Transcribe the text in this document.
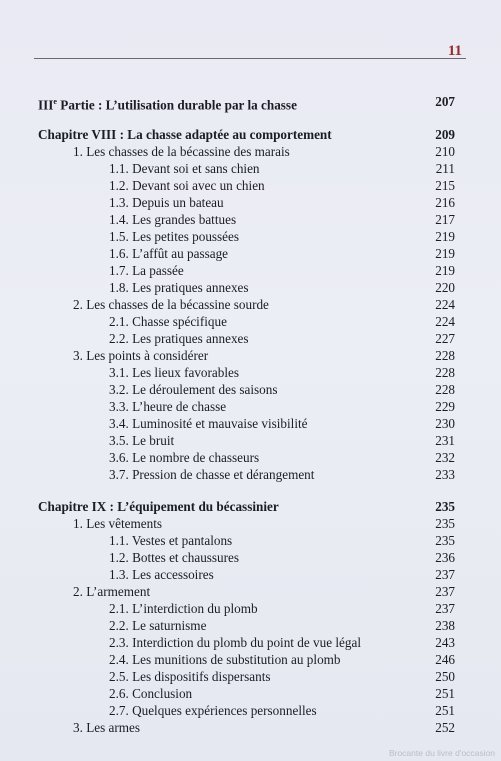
11
IIIe Partie : L’utilisation durable par la chasse	207
Chapitre VIII : La chasse adaptée au comportement	209
1. Les chasses de la bécassine des marais	210
1.1. Devant soi et sans chien	211
1.2. Devant soi avec un chien	215
1.3. Depuis un bateau	216
1.4. Les grandes battues	217
1.5. Les petites poussées	219
1.6. L’affût au passage	219
1.7. La passée	219
1.8. Les pratiques annexes	220
2. Les chasses de la bécassine sourde	224
2.1. Chasse spécifique	224
2.2. Les pratiques annexes	227
3. Les points à considérer	228
3.1. Les lieux favorables	228
3.2. Le déroulement des saisons	228
3.3. L’heure de chasse	229
3.4. Luminosité et mauvaise visibilité	230
3.5. Le bruit	231
3.6. Le nombre de chasseurs	232
3.7. Pression de chasse et dérangement	233
Chapitre IX : L’équipement du bécassinier	235
1. Les vêtements	235
1.1. Vestes et pantalons	235
1.2. Bottes et chaussures	236
1.3. Les accessoires	237
2. L’armement	237
2.1. L’interdiction du plomb	237
2.2. Le saturnisme	238
2.3. Interdiction du plomb du point de vue légal	243
2.4. Les munitions de substitution au plomb	246
2.5. Les dispositifs dispersants	250
2.6. Conclusion	251
2.7. Quelques expériences personnelles	251
3. Les armes	252
Brocante du livre d'occasion
